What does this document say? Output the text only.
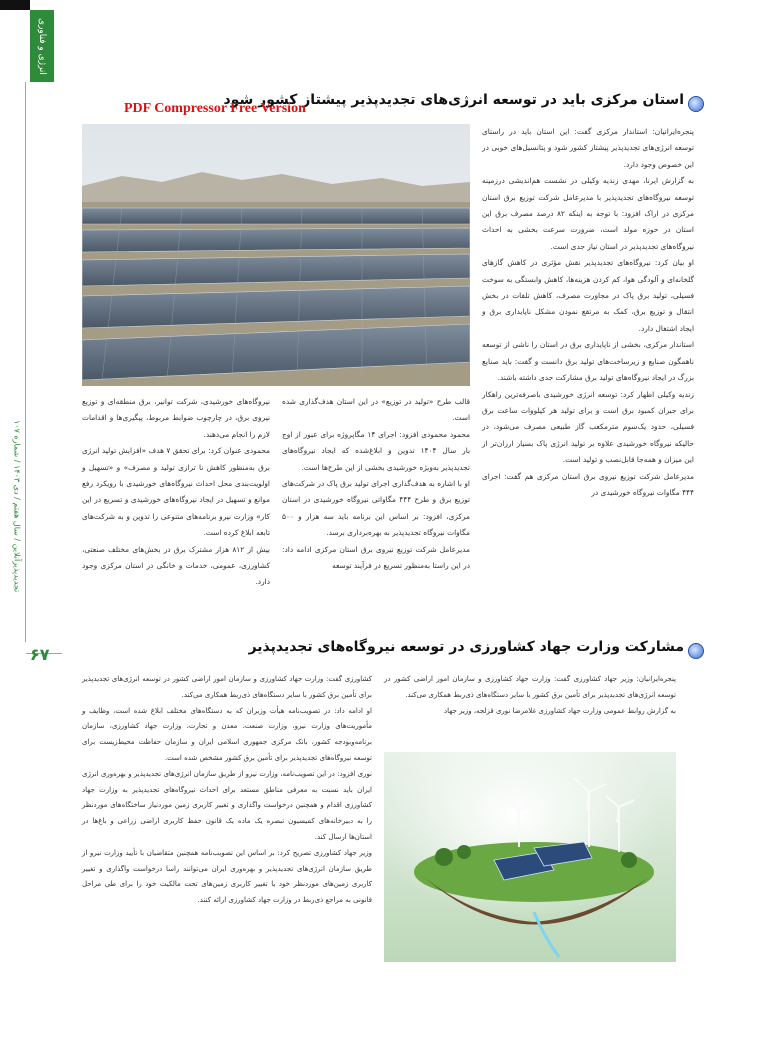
انرژی و فناوری
تجدیدپذیرآنلاین / سال هفتم / دی ۱۴۰۳ / شماره ۱۰۷
۶۷
استان مرکزی باید در توسعه انرژی‌های تجدیدپذیر پیشتاز کشور شود
PDF Compressor Free Version

پنجره‌ایرانیان: استاندار مرکزی گفت: این استان باید در راستای توسعه انرژی‌های تجدیدپذیر پیشتاز کشور شود و پتانسیل‌های خوبی در این خصوص وجود دارد.

به گزارش ایرنا، مهدی زندیه وکیلی در نشست هم‌اندیشی درزمینه توسعه نیروگاه‌های تجدیدپذیر با مدیرعامل شرکت توزیع برق استان مرکزی در اراک افزود: با توجه به اینکه ۸۲ درصد مصرف برق این استان در حوزه مولد است، ضرورت سرعت بخشی به احداث نیروگاه‌های تجدیدپذیر در استان نیاز جدی است.

او بیان کرد: نیروگاه‌های تجدیدپذیر نقش مؤثری در کاهش گازهای گلخانه‌ای و آلودگی هوا، کم کردن هزینه‌ها، کاهش وابستگی به سوخت فسیلی، تولید برق پاک در مجاورت مصرف، کاهش تلفات در بخش انتقال و توزیع برق، کمک به مرتفع نمودن مشکل ناپایداری برق و ایجاد اشتغال دارد.

استاندار مرکزی، بخشی از ناپایداری برق در استان را ناشی از توسعه ناهمگون صنایع و زیرساخت‌های تولید برق دانست و گفت: باید صنایع بزرگ در ایجاد نیروگاه‌های تولید برق مشارکت جدی داشته باشند.

زندیه وکیلی اظهار کرد: توسعه انرژی خورشیدی باصرفه‌ترین راهکار برای جبران کمبود برق است و برای تولید هر کیلووات ساعت برق فسیلی، حدود یک‌سوم مترمکعب گاز طبیعی مصرف می‌شود، در حالیکه نیروگاه خورشیدی علاوه بر تولید انرژی پاک بسیار ارزان‌تر از این میزان و همه‌جا قابل‌نصب و تولید است.

مدیرعامل شرکت توزیع نیروی برق استان مرکزی هم گفت: اجرای ۴۴۴ مگاوات نیروگاه خورشیدی در

قالب طرح «تولید در توزیع» در این استان هدف‌گذاری شده است.

محمود محمودی افزود: اجرای ۱۴ مگاپروژه برای عبور از اوج بار سال ۱۴۰۴ تدوین و ابلاغ‌شده که ایجاد نیروگاه‌های تجدیدپذیر به‌ویژه خورشیدی بخشی از این طرح‌ها است.

او با اشاره به هدف‌گذاری اجرای تولید برق پاک در شرکت‌های توزیع برق و طرح ۴۴۴ مگاواتی نیروگاه خورشیدی در استان مرکزی، افزود: بر اساس این برنامه باید سه هزار و ۵۰۰ مگاوات نیروگاه تجدیدپذیر به بهره‌برداری برسد.

مدیرعامل شرکت توزیع نیروی برق استان مرکزی ادامه داد: در این راستا به‌منظور تسریع در فرآیند توسعه

نیروگاه‌های خورشیدی، شرکت توانیر، برق منطقه‌ای و توزیع نیروی برق، در چارچوب ضوابط مربوط، پیگیری‌ها و اقدامات لازم را انجام می‌دهند.

محمودی عنوان کرد: برای تحقق ۷ هدف «افزایش تولید انرژی برق به‌منظور کاهش نا ترازی تولید و مصرف» و «تسهیل و اولویت‌بندی محل احداث نیروگاه‌های خورشیدی با رویکرد رفع موانع و تسهیل در ایجاد نیروگاه‌های خورشیدی و تسریع در این کار» وزارت نیرو برنامه‌های متنوعی را تدوین و به شرکت‌های تابعه ابلاغ کرده است.

بیش از ۸۱۲ هزار مشترک برق در بخش‌های مختلف صنعتی، کشاورزی، عمومی، خدمات و خانگی در استان مرکزی وجود دارد.

مشارکت وزارت جهاد کشاورزی در توسعه نیروگاه‌های تجدیدپذیر

پنجره‌ایرانیان: وزیر جهاد کشاورزی گفت: وزارت جهاد کشاورزی و سازمان امور اراضی کشور در توسعه انرژی‌های تجدیدپذیر برای تأمین برق کشور با سایر دستگاه‌های ذی‌ربط همکاری می‌کند.

به گزارش روابط عمومی وزارت جهاد کشاورزی غلامرضا نوری قزلجه، وزیر جهاد

کشاورزی گفت: وزارت جهاد کشاورزی و سازمان امور اراضی کشور در توسعه انرژی‌های تجدیدپذیر برای تأمین برق کشور با سایر دستگاه‌های ذی‌ربط همکاری می‌کند.

او ادامه داد: در تصویب‌نامه هیأت وزیران که به دستگاه‌های مختلف ابلاغ شده است، وظایف و مأموریت‌های وزارت نیرو، وزارت صنعت، معدن و تجارت، وزارت جهاد کشاورزی، سازمان برنامه‌وبودجه کشور، بانک مرکزی جمهوری اسلامی ایران و سازمان حفاظت محیط‌زیست برای توسعه نیروگاه‌های تجدیدپذیر برای تأمین برق کشور مشخص شده است.

نوری افزود: در این تصویب‌نامه، وزارت نیرو از طریق سازمان انرژی‌های تجدیدپذیر و بهره‌وری انرژی ایران باید نسبت به معرفی مناطق مستعد برای احداث نیروگاه‌های تجدیدپذیر به وزارت جهاد کشاورزی اقدام و همچنین درخواست واگذاری و تغییر کاربری زمین موردنیاز ساختگاه‌های موردنظر را به دبیرخانه‌های کمیسیون تبصره یک ماده یک قانون حفظ کاربری اراضی زراعی و باغ‌ها در استان‌ها ارسال کند.

وزیر جهاد کشاورزی تصریح کرد: بر اساس این تصویب‌نامه همچنین متقاضیان با تأیید وزارت نیرو از طریق سازمان انرژی‌های تجدیدپذیر و بهره‌وری ایران می‌توانند راسا درخواست واگذاری و تغییر کاربری زمین‌های موردنظر خود یا تغییر کاربری زمین‌های تحت مالکیت خود را برای طی مراحل قانونی به مراجع ذی‌ربط در وزارت جهاد کشاورزی ارائه کنند.
